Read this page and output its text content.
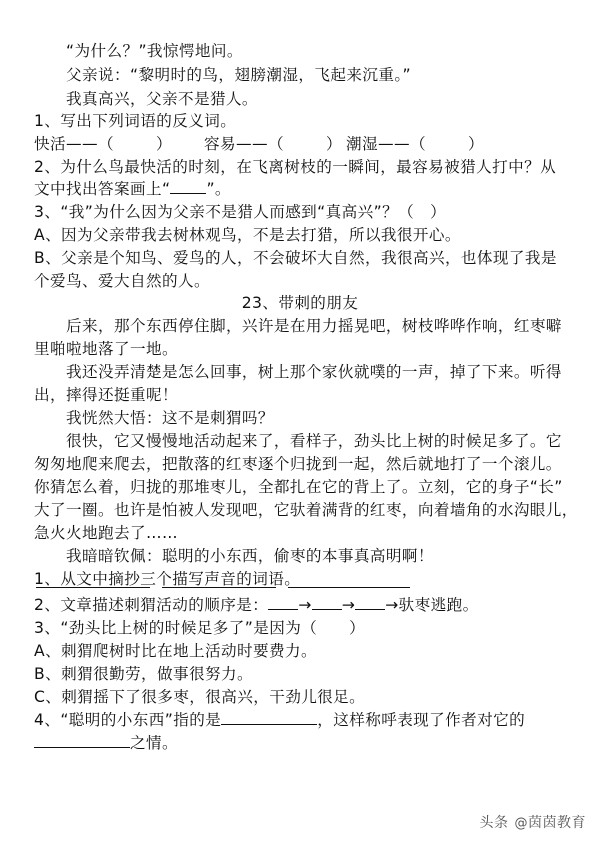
“为什么？”我惊愕地问。
父亲说：“黎明时的鸟，翅膀潮湿，飞起来沉重。”
我真高兴，父亲不是猎人。
1、写出下列词语的反义词。
快活——（	） 容易——（	） 潮湿——（	）
2、为什么鸟最快活的时刻，在飞离树枝的一瞬间，最容易被猎人打中？从
文中找出答案画上“ ”。
3、“我”为什么因为父亲不是猎人而感到“真高兴”？（　）
A、因为父亲带我去树林观鸟，不是去打猎，所以我很开心。
B、父亲是个知鸟、爱鸟的人，不会破坏大自然，我很高兴，也体现了我是
个爱鸟、爱大自然的人。
23、带刺的朋友
后来，那个东西停住脚，兴许是在用力摇晃吧，树枝哗哗作响，红枣噼
里啪啦地落了一地。
我还没弄清楚是怎么回事，树上那个家伙就噗的一声，掉了下来。听得
出，摔得还挺重呢！
我恍然大悟：这不是刺猬吗？
很快，它又慢慢地活动起来了，看样子，劲头比上树的时候足多了。它
匆匆地爬来爬去，把散落的红枣逐个归拢到一起，然后就地打了一个滚儿。
你猜怎么着，归拢的那堆枣儿，全都扎在它的背上了。立刻，它的身子“长”
大了一圈。也许是怕被人发现吧，它驮着满背的红枣，向着墙角的水沟眼儿，
急火火地跑去了……
我暗暗钦佩：聪明的小东西，偷枣的本事真高明啊！
1、从文中摘抄三个描写声音的词语。
2、文章描述刺猬活动的顺序是： → → →驮枣逃跑。
3、“劲头比上树的时候足多了”是因为（　　）
A、刺猬爬树时比在地上活动时要费力。
B、刺猬很勤劳，做事很努力。
C、刺猬摇下了很多枣，很高兴，干劲儿很足。
4、“聪明的小东西”指的是	，这样称呼表现了作者对它的
之情。
头条 @茵茵教育
